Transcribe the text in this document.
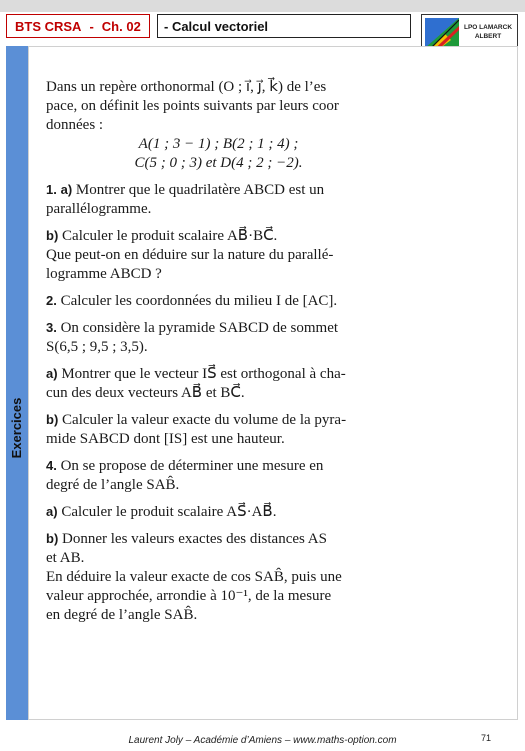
BTS CRSA - Ch. 02 - Calcul vectoriel	LPO LAMARCK
ALBERT
Exercices

Dans un repère orthonormal (O ; i⃗, j⃗, k⃗) de l’es

pace, on définit les points suivants par leurs coor

données :

A(1 ; 3 − 1) ; B(2 ; 1 ; 4) ;

C(5 ; 0 ; 3) et D(4 ; 2 ; −2).

1. a) Montrer que le quadrilatère ABCD est un

parallélogramme.

b) Calculer le produit scalaire AB⃗·BC⃗.

Que peut-on en déduire sur la nature du parallé-

logramme ABCD ?

2. Calculer les coordonnées du milieu I de [AC].

3. On considère la pyramide SABCD de sommet

S(6,5 ; 9,5 ; 3,5).

a) Montrer que le vecteur IS⃗ est orthogonal à cha-

cun des deux vecteurs AB⃗ et BC⃗.

b) Calculer la valeur exacte du volume de la pyra-

mide SABCD dont [IS] est une hauteur.

4. On se propose de déterminer une mesure en

degré de l’angle SAB̂.

a) Calculer le produit scalaire AS⃗·AB⃗.

b) Donner les valeurs exactes des distances AS

et AB.

En déduire la valeur exacte de cos SAB̂, puis une

valeur approchée, arrondie à 10⁻¹, de la mesure

en degré de l’angle SAB̂.

Laurent Joly – Académie d’Amiens – www.maths-option.com	71
